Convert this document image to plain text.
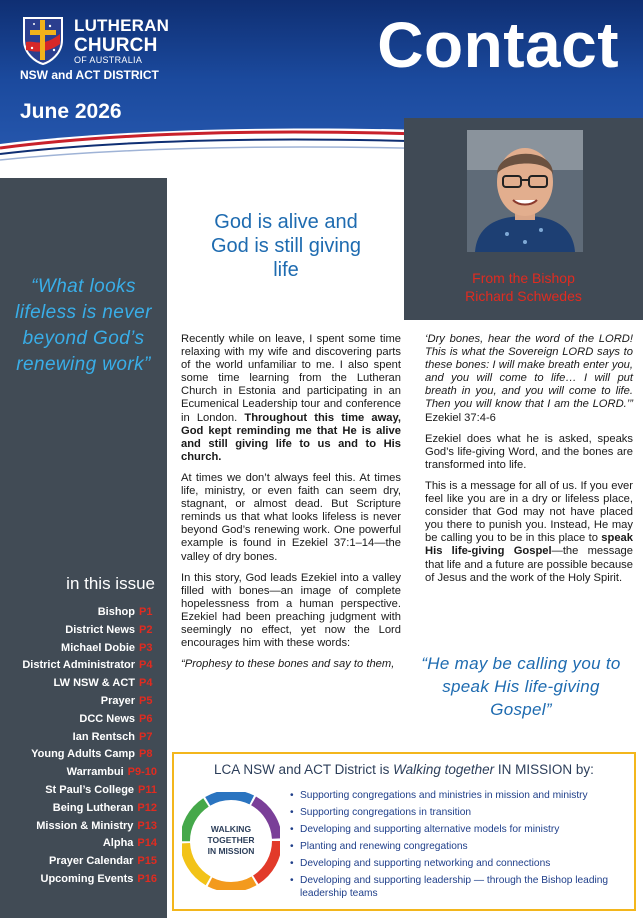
LUTHERAN
CHURCH
OF AUSTRALIA
NSW and ACT DISTRICT	Contact
June 2026
“What looks lifeless is never beyond God’s renewing work”
in this issue
Bishop P1
District News P2
Michael Dobie P3
District Administrator P4
LW NSW & ACT P4
Prayer P5
DCC News P6
Ian Rentsch P7
Young Adults Camp P8
Warrambui P9-10
St Paul’s College P11
Being Lutheran P12
Mission & Ministry P13
Alpha P14
Prayer Calendar P15
Upcoming Events P16
God is alive and God is still giving life	From the Bishop
Richard Schwedes

Recently while on leave, I spent some time relaxing with my wife and discovering parts of the world unfamiliar to me. I also spent some time learning from the Lutheran Church in Estonia and participating in an Ecumenical Leadership tour and conference in London. Throughout this time away, God kept reminding me that He is alive and still giving life to us and to His church.

At times we don’t always feel this. At times life, ministry, or even faith can seem dry, stagnant, or almost dead. But Scripture reminds us that what looks lifeless is never beyond God’s renewing work. One powerful example is found in Ezekiel 37:1–14—the valley of dry bones.

In this story, God leads Ezekiel into a valley filled with bones—an image of complete hopelessness from a human perspective. Ezekiel had been preaching judgment with seemingly no effect, yet now the Lord encourages him with these words:

“Prophesy to these bones and say to them,

‘Dry bones, hear the word of the LORD! This is what the Sovereign LORD says to these bones: I will make breath enter you, and you will come to life… I will put breath in you, and you will come to life. Then you will know that I am the LORD.’” Ezekiel 37:4-6

Ezekiel does what he is asked, speaks God’s life-giving Word, and the bones are transformed into life.

This is a message for all of us. If you ever feel like you are in a dry or lifeless place, consider that God may not have placed you there to punish you. Instead, He may be calling you to be in this place to speak His life-giving Gospel—the message that life and a future are possible because of Jesus and the work of the Holy Spirit.

“He may be calling you to speak His life-giving Gospel”
LCA NSW and ACT District is Walking together IN MISSION by:
WALKING
TOGETHER
IN MISSION
• Supporting congregations and ministries in mission and ministry
• Supporting congregations in transition
• Developing and supporting alternative models for ministry
• Planting and renewing congregations
• Developing and supporting networking and connections
• Developing and supporting leadership — through the Bishop leading leadership teams
